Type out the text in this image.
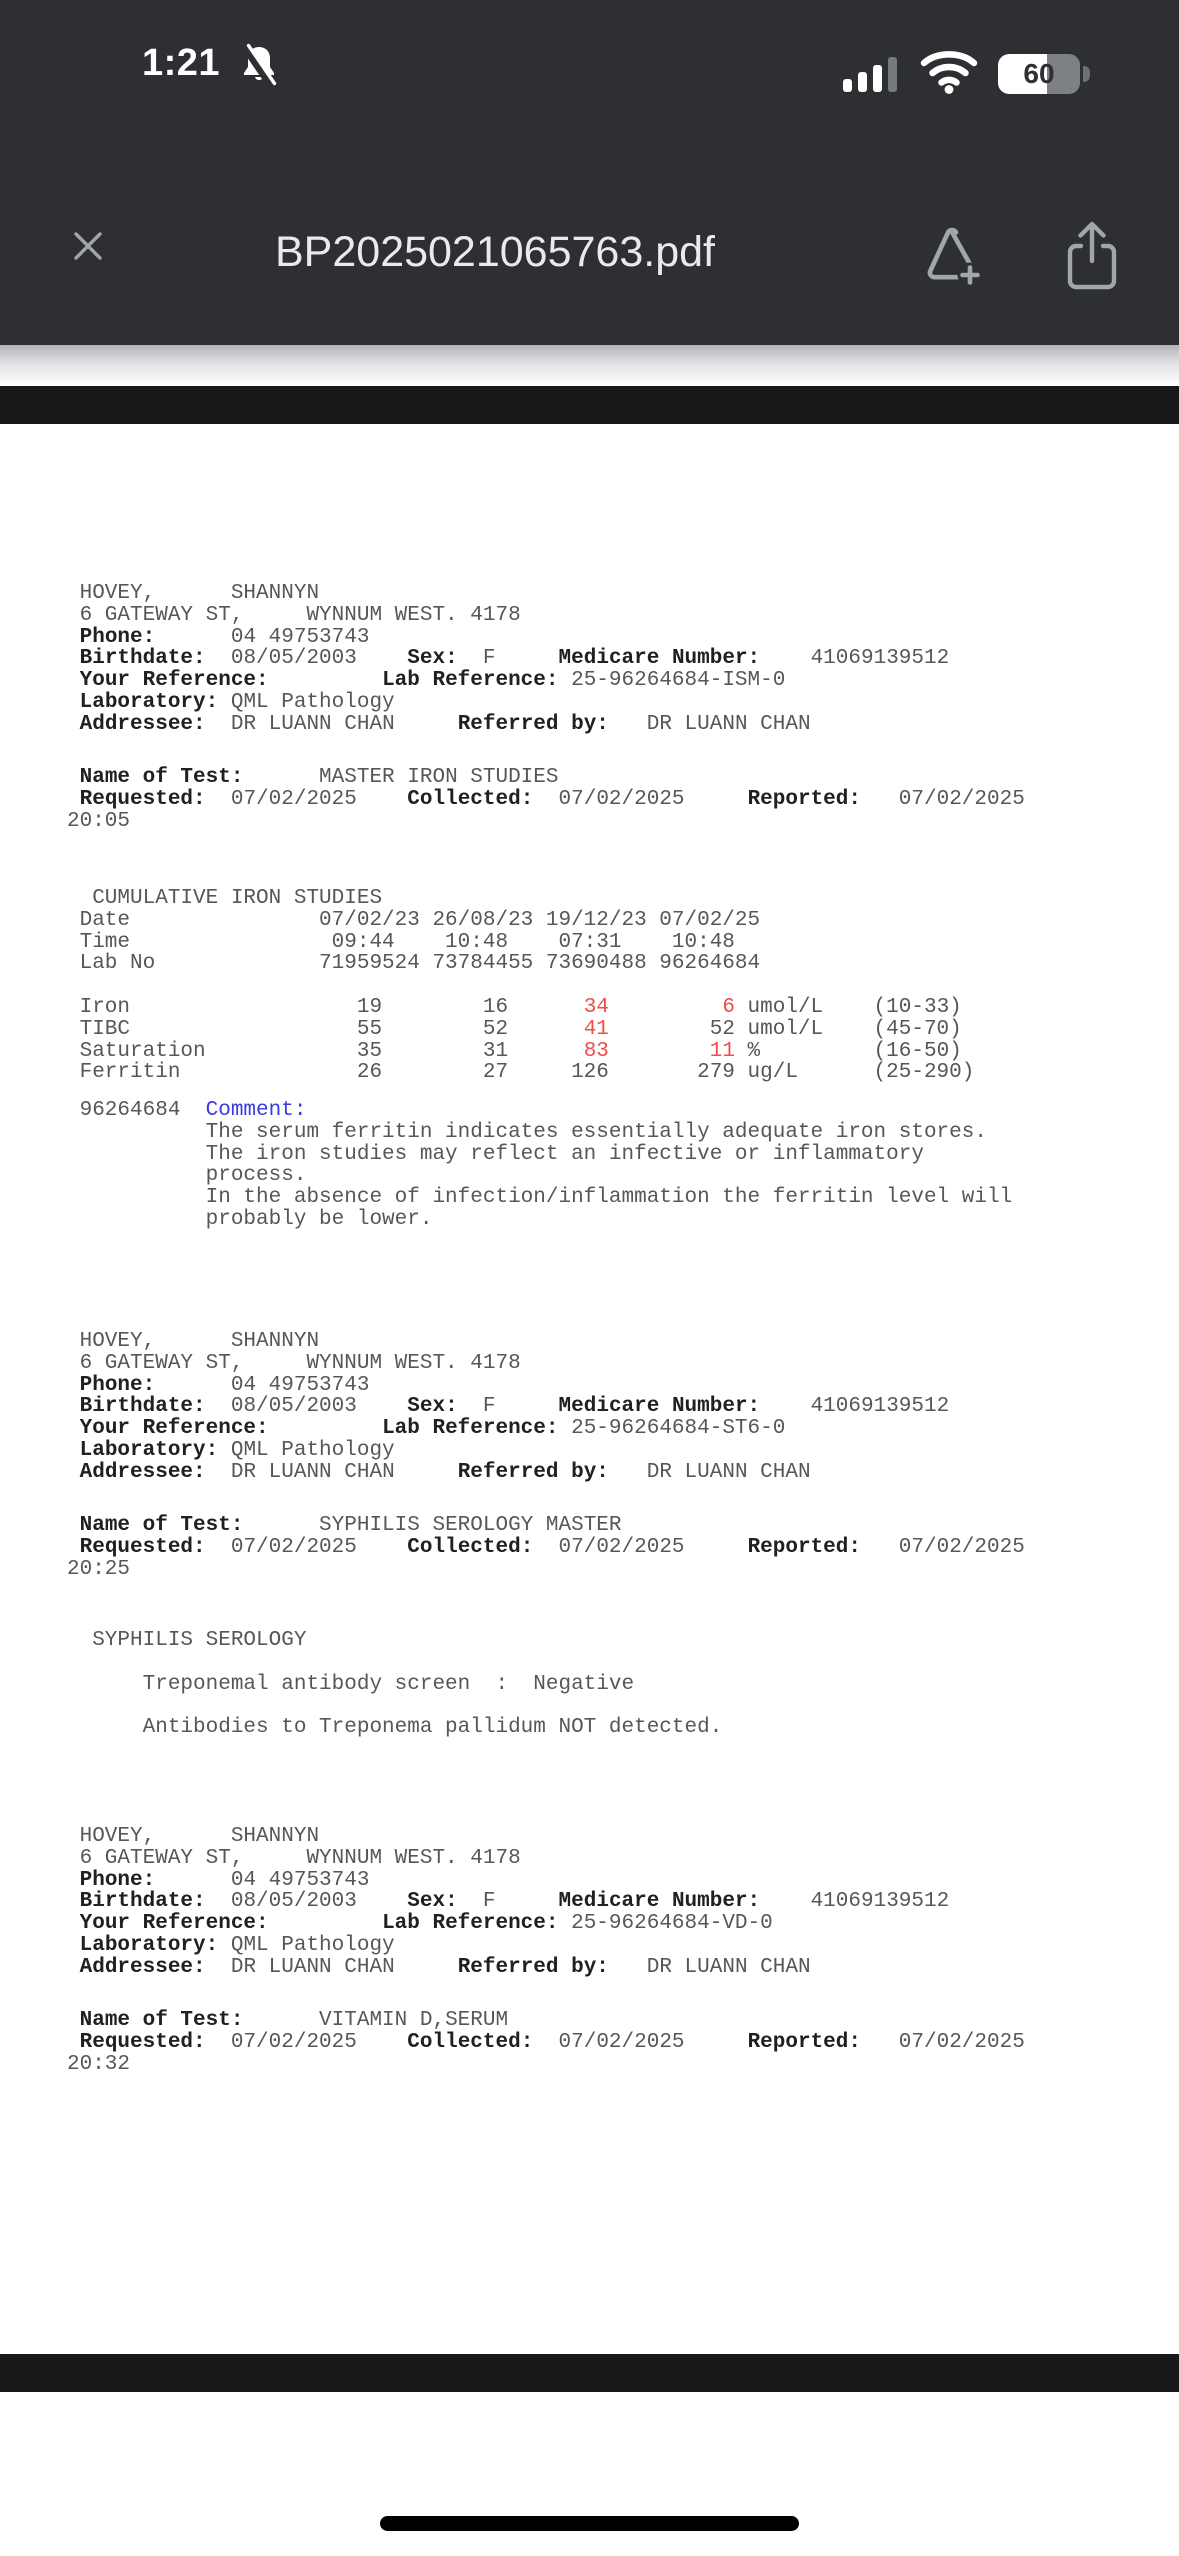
1:21	60
BP2025021065763.pdf
HOVEY,      SHANNYN
6 GATEWAY ST,     WYNNUM WEST. 4178
Phone:      04 49753743
Birthdate:  08/05/2003    Sex:  F     Medicare Number:    41069139512
Your Reference:	Lab Reference: 25-96264684-ISM-0
Laboratory: QML Pathology
Addressee:  DR LUANN CHAN     Referred by:   DR LUANN CHAN
Name of Test:      MASTER IRON STUDIES
Requested:  07/02/2025    Collected:  07/02/2025     Reported:   07/02/2025
20:05
CUMULATIVE IRON STUDIES
Date               07/02/23 26/08/23 19/12/23 07/02/25
Time                09:44    10:48    07:31    10:48
Lab No             71959524 73784455 73690488 96264684
Iron                  19        16      34	6 umol/L    (10-33)
TIBC                  55        52      41        52 umol/L    (45-70)
Saturation            35        31      83	11 %         (16-50)
Ferritin              26        27     126       279 ug/L      (25-290)
96264684  Comment:
The serum ferritin indicates essentially adequate iron stores.
The iron studies may reflect an infective or inflammatory
process.
In the absence of infection/inflammation the ferritin level will
probably be lower.
HOVEY,      SHANNYN
6 GATEWAY ST,     WYNNUM WEST. 4178
Phone:      04 49753743
Birthdate:  08/05/2003    Sex:  F     Medicare Number:    41069139512
Your Reference:	Lab Reference: 25-96264684-ST6-0
Laboratory: QML Pathology
Addressee:  DR LUANN CHAN     Referred by:   DR LUANN CHAN
Name of Test:      SYPHILIS SEROLOGY MASTER
Requested:  07/02/2025    Collected:  07/02/2025     Reported:   07/02/2025
20:25
SYPHILIS SEROLOGY

Treponemal antibody screen  :  Negative

Antibodies to Treponema pallidum NOT detected.
HOVEY,      SHANNYN
6 GATEWAY ST,     WYNNUM WEST. 4178
Phone:      04 49753743
Birthdate:  08/05/2003    Sex:  F     Medicare Number:    41069139512
Your Reference:	Lab Reference: 25-96264684-VD-0
Laboratory: QML Pathology
Addressee:  DR LUANN CHAN     Referred by:   DR LUANN CHAN
Name of Test:      VITAMIN D,SERUM
Requested:  07/02/2025    Collected:  07/02/2025     Reported:   07/02/2025
20:32
